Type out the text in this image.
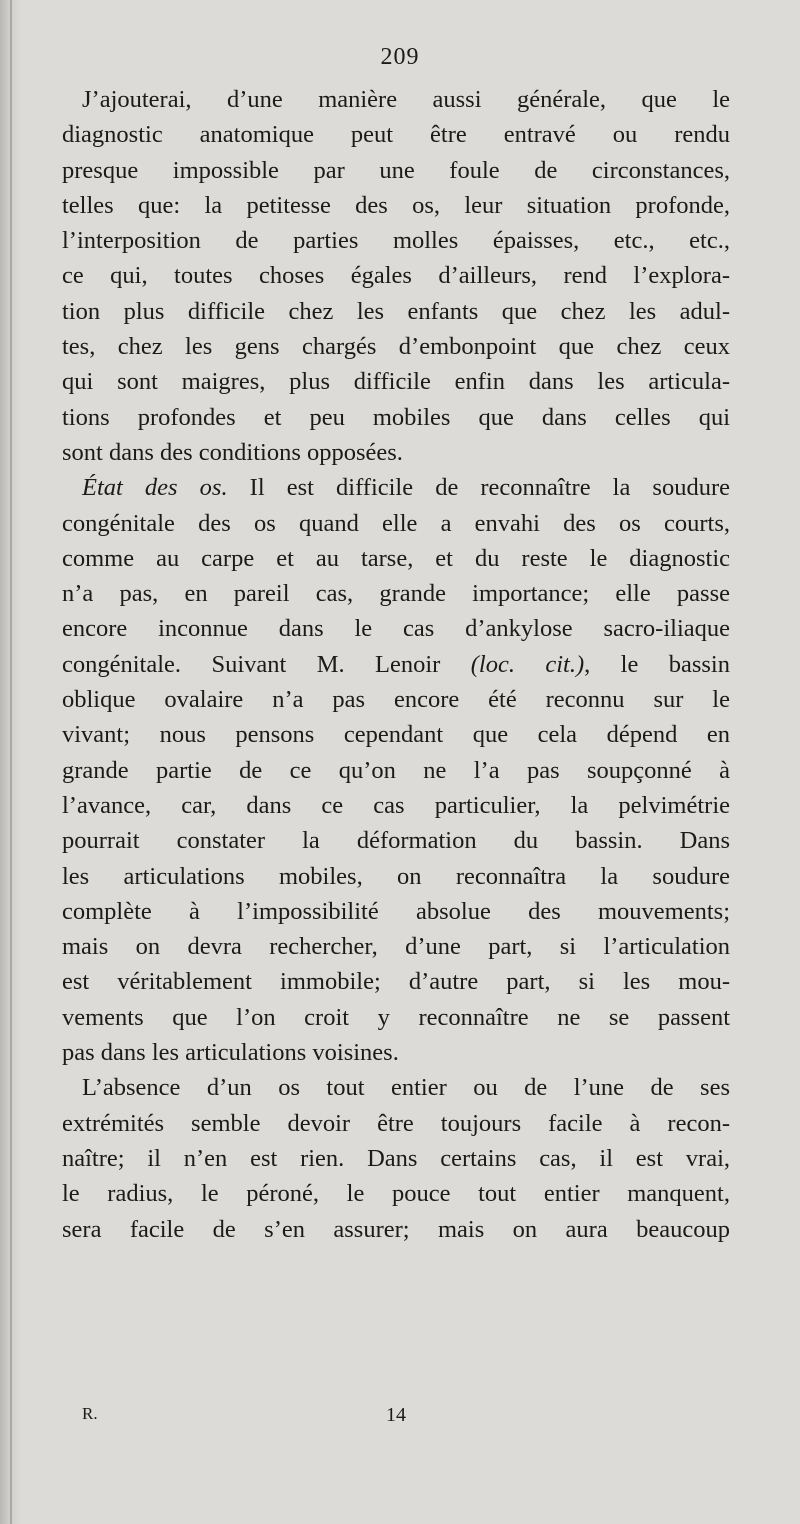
209
J’ajouterai, d’une manière aussi générale, que le
diagnostic anatomique peut être entravé ou rendu
presque impossible par une foule de circonstances,
telles que: la petitesse des os, leur situation profonde,
l’interposition de parties molles épaisses, etc., etc.,
ce qui, toutes choses égales d’ailleurs, rend l’explora-
tion plus difficile chez les enfants que chez les adul-
tes, chez les gens chargés d’embonpoint que chez ceux
qui sont maigres, plus difficile enfin dans les articula-
tions profondes et peu mobiles que dans celles qui
sont dans des conditions opposées.
État des os. Il est difficile de reconnaître la soudure
congénitale des os quand elle a envahi des os courts,
comme au carpe et au tarse, et du reste le diagnostic
n’a pas, en pareil cas, grande importance; elle passe
encore inconnue dans le cas d’ankylose sacro-iliaque
congénitale. Suivant M. Lenoir (loc. cit.), le bassin
oblique ovalaire n’a pas encore été reconnu sur le
vivant; nous pensons cependant que cela dépend en
grande partie de ce qu’on ne l’a pas soupçonné à
l’avance, car, dans ce cas particulier, la pelvimétrie
pourrait constater la déformation du bassin. Dans
les articulations mobiles, on reconnaîtra la soudure
complète à l’impossibilité absolue des mouvements;
mais on devra rechercher, d’une part, si l’articulation
est véritablement immobile; d’autre part, si les mou-
vements que l’on croit y reconnaître ne se passent
pas dans les articulations voisines.
L’absence d’un os tout entier ou de l’une de ses
extrémités semble devoir être toujours facile à recon-
naître; il n’en est rien. Dans certains cas, il est vrai,
le radius, le péroné, le pouce tout entier manquent,
sera facile de s’en assurer; mais on aura beaucoup
R.	14
